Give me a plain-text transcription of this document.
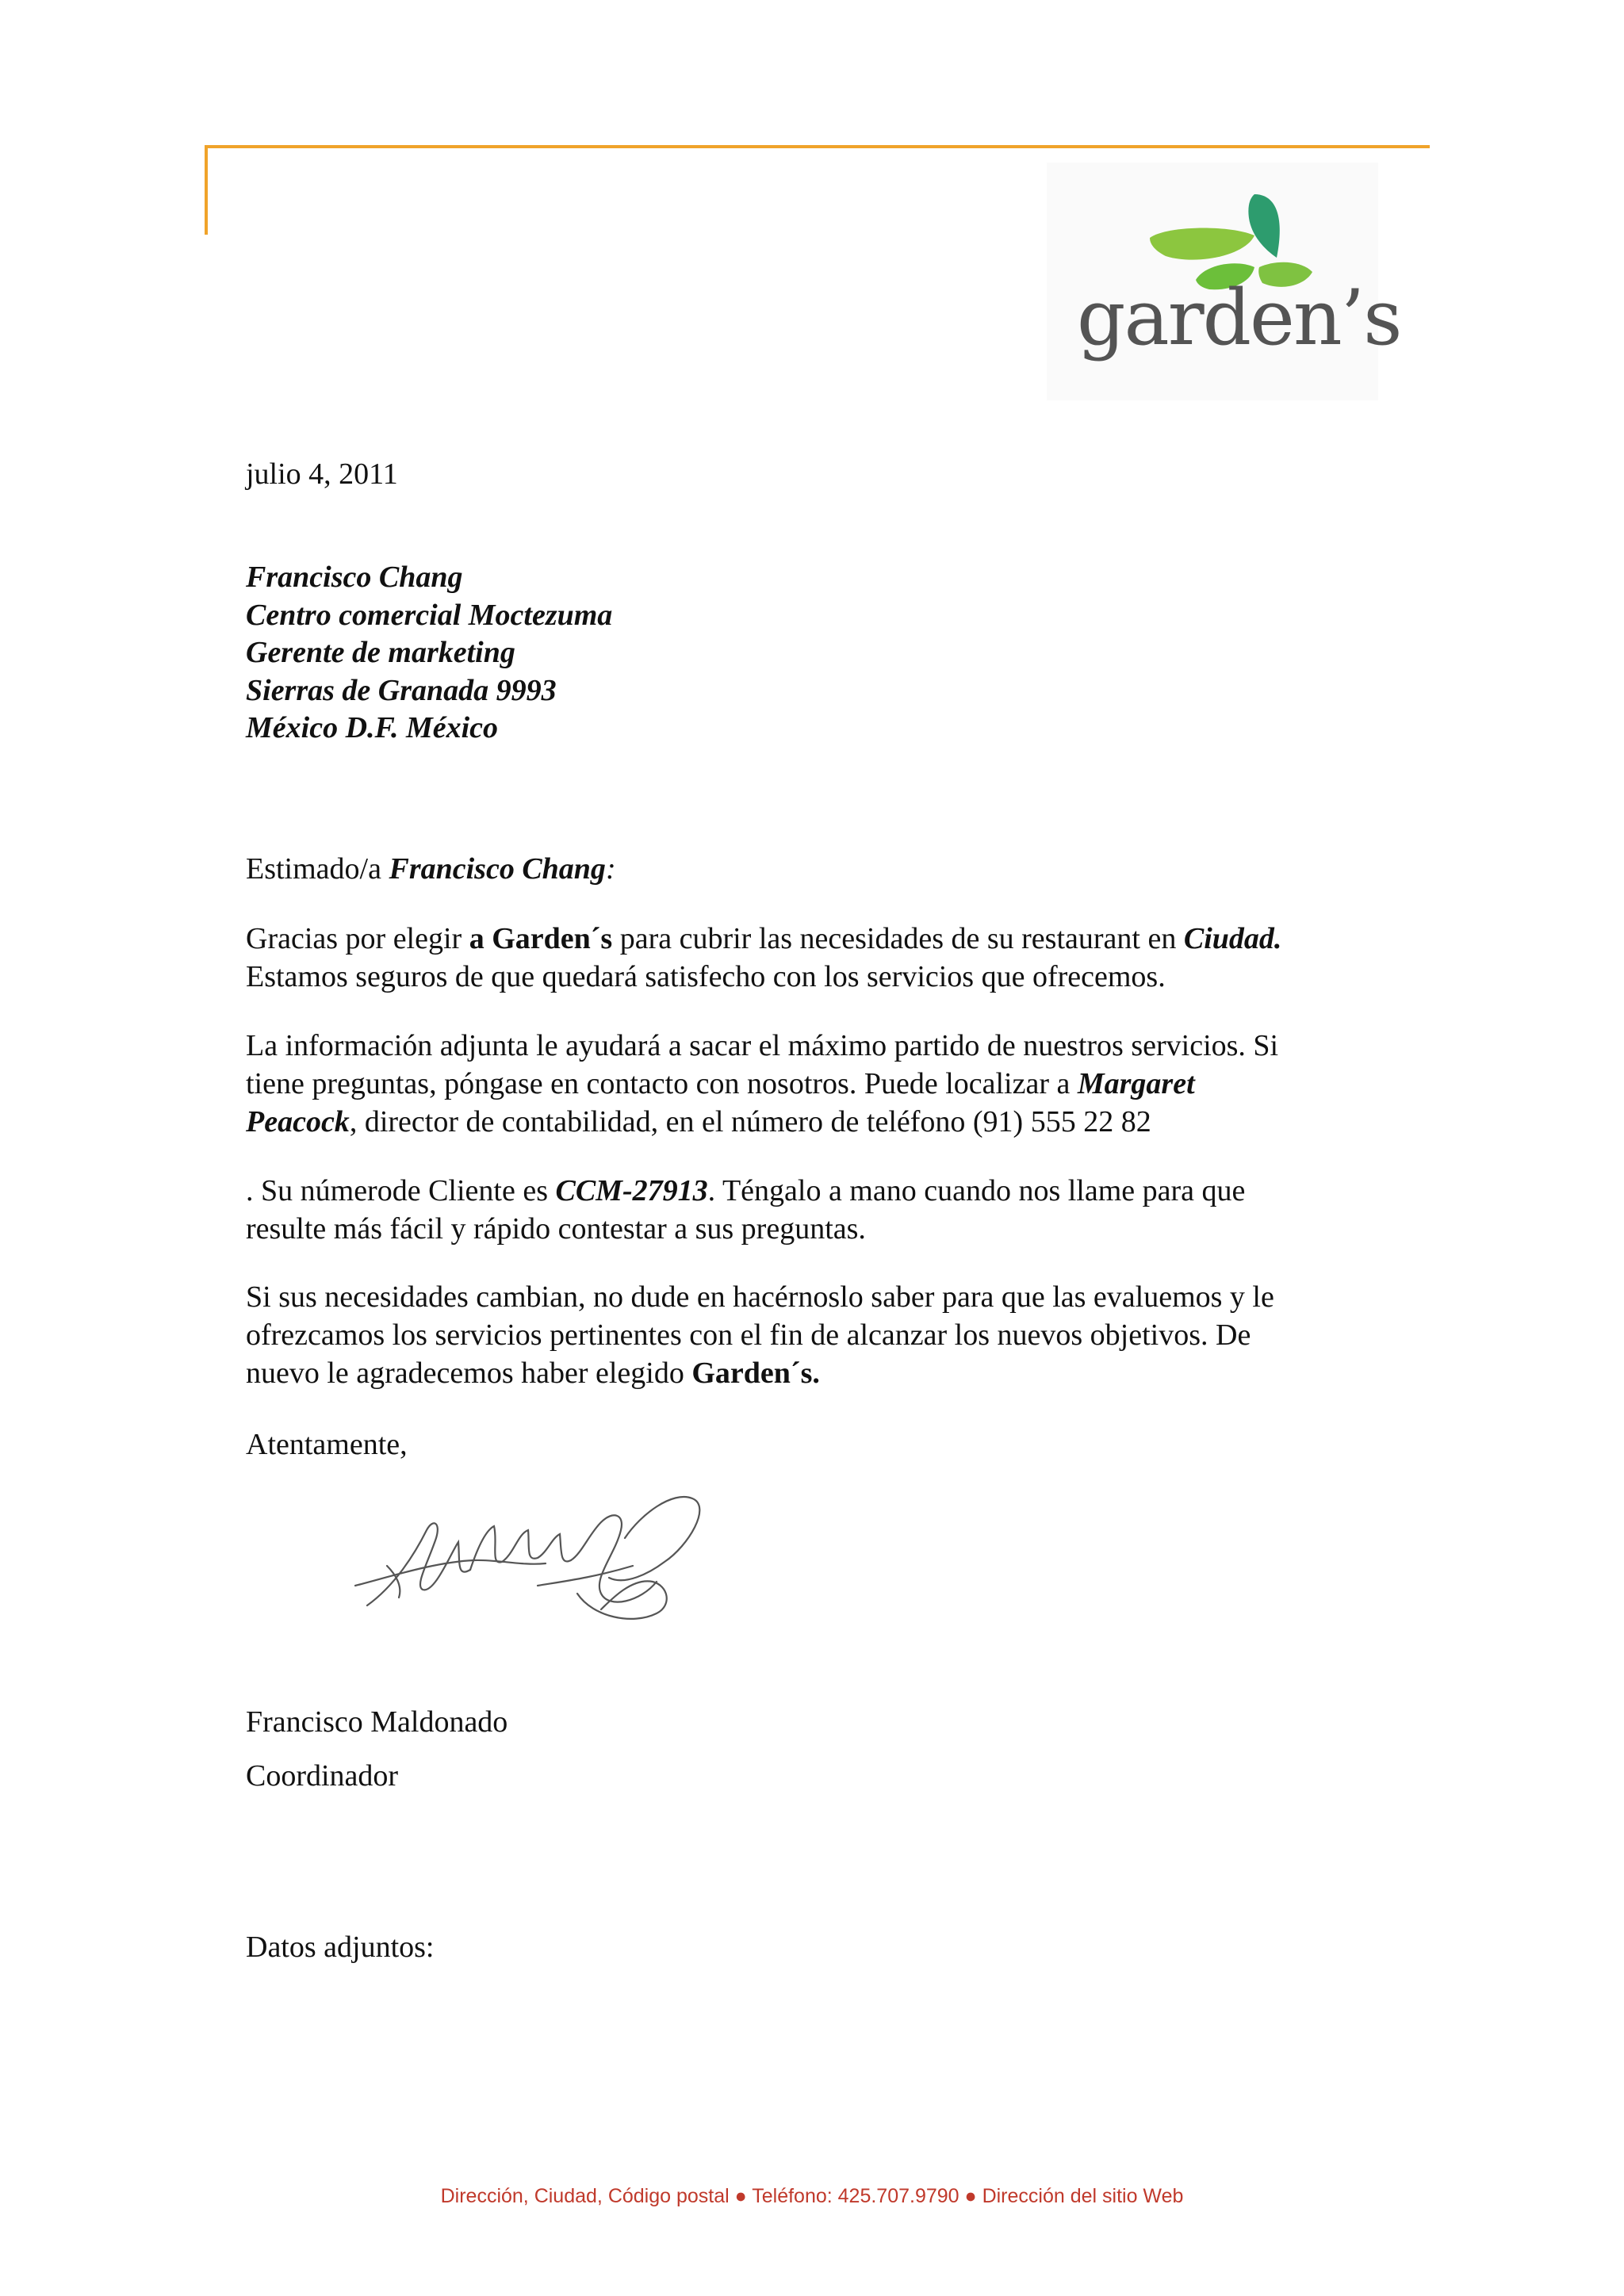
garden’s
julio 4, 2011
Francisco Chang
Centro comercial Moctezuma
Gerente de marketing
Sierras de Granada 9993
México D.F. México
Estimado/a Francisco Chang:
Gracias por elegir a Garden´s para cubrir las necesidades de su restaurant en Ciudad.
Estamos seguros de que quedará satisfecho con los servicios que ofrecemos.
La información adjunta le ayudará a sacar el máximo partido de nuestros servicios. Si
tiene preguntas, póngase en contacto con nosotros. Puede localizar a Margaret
Peacock, director de contabilidad, en el número de teléfono (91) 555 22 82
. Su númerode Cliente es CCM-27913. Téngalo a mano cuando nos llame para que
resulte más fácil y rápido contestar a sus preguntas.
Si sus necesidades cambian, no dude en hacérnoslo saber para que las evaluemos y le
ofrezcamos los servicios pertinentes con el fin de alcanzar los nuevos objetivos. De
nuevo le agradecemos haber elegido Garden´s.
Atentamente,
Francisco Maldonado
Coordinador
Datos adjuntos:
Dirección, Ciudad, Código postal ● Teléfono: 425.707.9790 ● Dirección del sitio Web
